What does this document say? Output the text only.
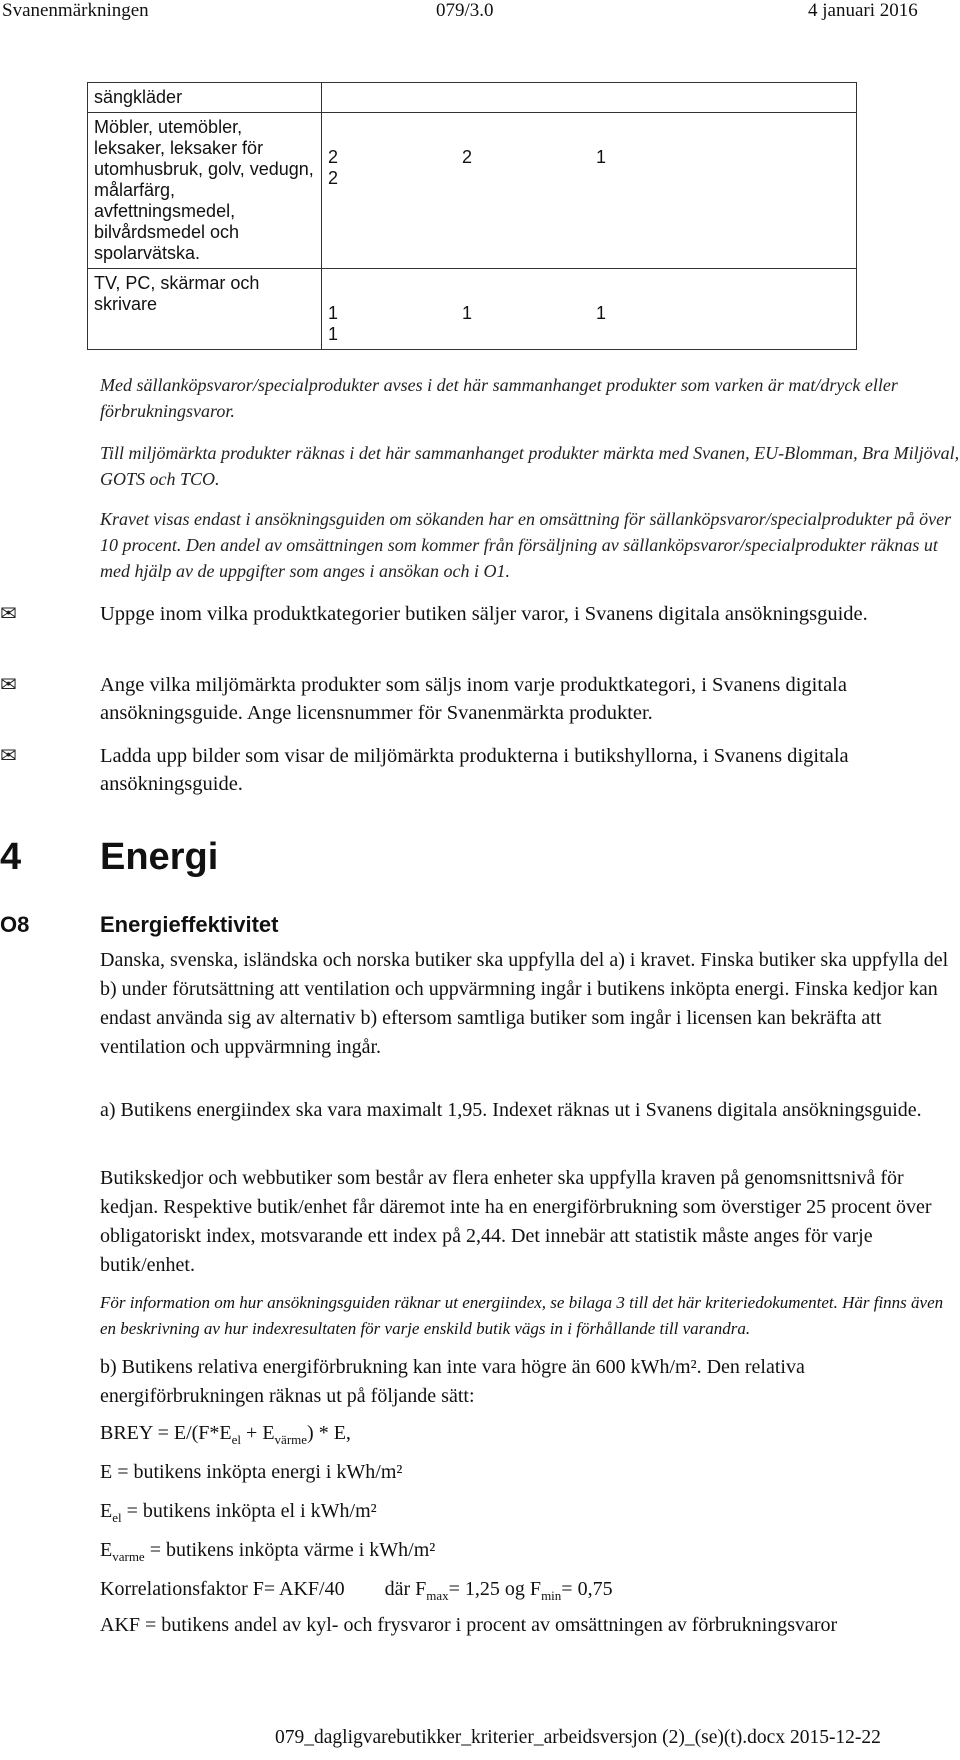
Svanenmärkningen	079/3.0	4 januari 2016
sängkläder	
Möbler, utemöbler, leksaker, leksaker för utomhusbruk, golv, vedugn, målarfärg, avfettningsmedel, bilvårdsmedel och spolarvätska.	2 2 12
TV, PC, skärmar och skrivare	1 1 11
Med sällanköpsvaror/specialprodukter avses i det här sammanhanget produkter som varken är mat/dryck eller förbrukningsvaror.
Till miljömärkta produkter räknas i det här sammanhanget produkter märkta med Svanen, EU-Blomman, Bra Miljöval, GOTS och TCO.
Kravet visas endast i ansökningsguiden om sökanden har en omsättning för sällanköpsvaror/specialprodukter på över 10 procent. Den andel av omsättningen som kommer från försäljning av sällanköpsvaror/specialprodukter räknas ut med hjälp av de uppgifter som anges i ansökan och i O1.
✉	Uppge inom vilka produktkategorier butiken säljer varor, i Svanens digitala ansökningsguide.
✉	Ange vilka miljömärkta produkter som säljs inom varje produktkategori, i Svanens digitala ansökningsguide. Ange licensnummer för Svanenmärkta produkter.
✉	Ladda upp bilder som visar de miljömärkta produkterna i butikshyllorna, i Svanens digitala ansökningsguide.
4 Energi
O8	Energieffektivitet
Danska, svenska, isländska och norska butiker ska uppfylla del a) i kravet. Finska butiker ska uppfylla del b) under förutsättning att ventilation och uppvärmning ingår i butikens inköpta energi. Finska kedjor kan endast använda sig av alternativ b) eftersom samtliga butiker som ingår i licensen kan bekräfta att ventilation och uppvärmning ingår.
a) Butikens energiindex ska vara maximalt 1,95. Indexet räknas ut i Svanens digitala ansökningsguide.
Butikskedjor och webbutiker som består av flera enheter ska uppfylla kraven på genomsnittsnivå för kedjan. Respektive butik/enhet får däremot inte ha en energiförbrukning som överstiger 25 procent över obligatoriskt index, motsvarande ett index på 2,44. Det innebär att statistik måste anges för varje butik/enhet.
För information om hur ansökningsguiden räknar ut energiindex, se bilaga 3 till det här kriteriedokumentet. Här finns även en beskrivning av hur indexresultaten för varje enskild butik vägs in i förhållande till varandra.
b) Butikens relativa energiförbrukning kan inte vara högre än 600 kWh/m². Den relativa energiförbrukningen räknas ut på följande sätt:
BREY = $E/(F*E_{el} + E_{värme}) * E$,
E = butikens inköpta energi i kWh/m²
$E_{el}$ = butikens inköpta el i kWh/m²
$E_{varme}$ = butikens inköpta värme i kWh/m²
Korrelationsfaktor F= AKF/40 där $F_{max}= 1,25$ og $F_{min}= 0,75$
AKF = butikens andel av kyl- och frysvaror i procent av omsättningen av förbrukningsvaror
079_dagligvarebutikker_kriterier_arbeidsversjon (2)_(se)(t).docx 2015-12-22
